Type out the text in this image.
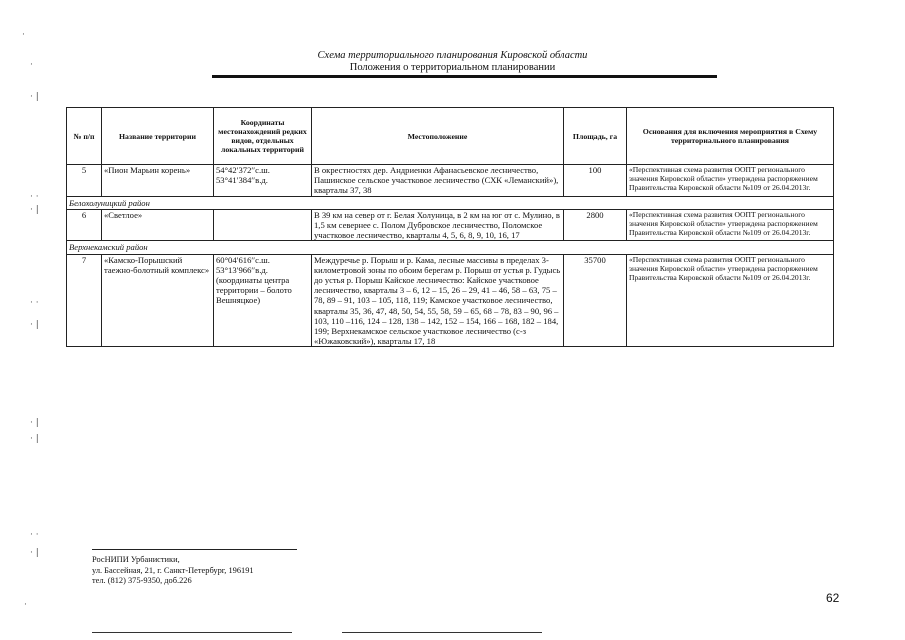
·
·
· |
· ·
· |
· ·
· |
· |
· |
· ·
· |
·
Схема территориального планирования Кировской области
Положения о территориальном планировании
№ п/п	Название территории	Координаты местонахождений редких видов, отдельных локальных территорий	Местоположение	Площадь, га	Основания для включения мероприятия в Схему территориального планирования
5	«Пион Марьин корень»	54°42ʹ372ʹʹс.ш. 53°41ʹ384ʹʹв.д.	В окрестностях дер. Андриенки Афанасьевское лесничество, Пашинское сельское участковое лесничество (СХК «Леманский»), кварталы 37, 38	100	«Перспективная схема развития ООПТ регионального значения Кировской области» утверждена распоряжением Правительства Кировской области №109 от 26.04.2013г.
Белохолуницкий район					
6	«Светлое»		В 39 км на север от г. Белая Холуница, в 2 км на юг от с. Мулино, в 1,5 км севернее с. Полом Дубровское лесничество, Поломское участковое лесничество, кварталы 4, 5, 6, 8, 9, 10, 16, 17	2800	«Перспективная схема развития ООПТ регионального значения Кировской области» утверждена распоряжением Правительства Кировской области №109 от 26.04.2013г.
Верхнекамский район					
7	«Камско-Порышский таежно-болотный комплекс»	60°04ʹ616ʹʹс.ш. 53°13ʹ966ʹʹв.д. (координаты центра территории – болото Вешняцкое)	Междуречье р. Порыш и р. Кама, лесные массивы в пределах 3-километровой зоны по обоим берегам р. Порыш от устья р. Гудысь до устья р. Порыш Кайское лесничество: Кайское участковое лесничество, кварталы 3 – 6, 12 – 15, 26 – 29, 41 – 46, 58 – 63, 75 –78, 89 – 91, 103 – 105, 118, 119; Камское участковое лесничество, кварталы 35, 36, 47, 48, 50, 54, 55, 58, 59 – 65, 68 – 78, 83 – 90, 96 – 103, 110 –116, 124 – 128, 138 – 142, 152 – 154, 166 – 168, 182 – 184, 199; Верхнекамское сельское участковое лесничество (с-з «Южаковский»), кварталы 17, 18	35700	«Перспективная схема развития ООПТ регионального значения Кировской области» утверждена распоряжением Правительства Кировской области №109 от 26.04.2013г.
РосНИПИ Урбанистики,
ул. Бассейная, 21, г. Санкт-Петербург, 196191
тел. (812) 375-9350, доб.226
62
